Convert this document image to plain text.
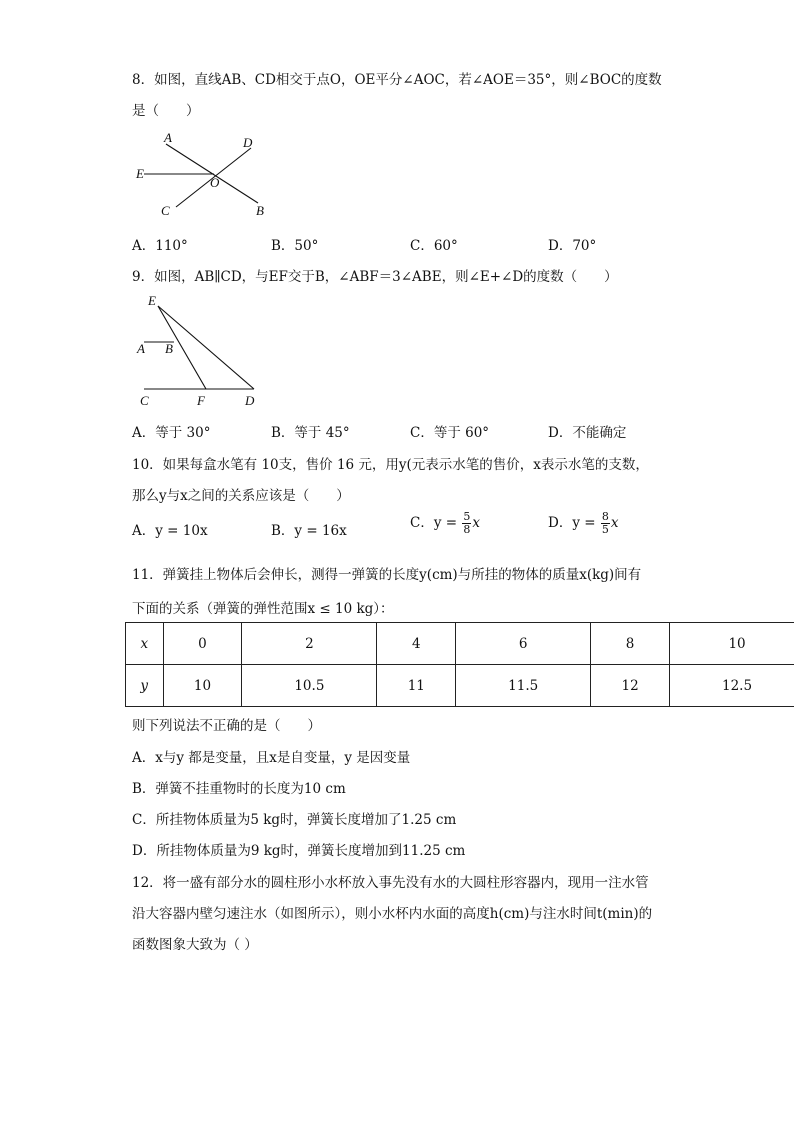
8．如图，直线AB、CD相交于点O，OE平分∠AOC，若∠AOE＝35°，则∠BOC的度数
是（　　）
A	D
E
O
C	B
A．110°	B．50°	C．60°	D．70°
9．如图，AB∥CD，与EF交于B，∠ABF＝3∠ABE，则∠E+∠D的度数（　　）
E
A B
C	F	D
A．等于 30°	B．等于 45°	C．等于 60°	D．不能确定
10．如果每盒水笔有 10支，售价 16 元，用y(元表示水笔的售价，x表示水笔的支数，
那么y与x之间的关系应该是（　　）
A．y = 10x	B．y = 16x	C．$y = \frac{5}{8}$ x	D．$y = \frac{8}{5}$ x
11．弹簧挂上物体后会伸长，测得一弹簧的长度y(cm)与所挂的物体的质量x(kg)间有
下面的关系（弹簧的弹性范围x ≤ 10 kg）：
x	0	2	4	6	8	10
y	10	10.5	11	11.5	12	12.5
则下列说法不正确的是（　　）
A．x与y 都是变量，且x是自变量，y 是因变量
B．弹簧不挂重物时的长度为10 cm
C．所挂物体质量为5 kg时，弹簧长度增加了1.25 cm
D．所挂物体质量为9 kg时，弹簧长度增加到11.25 cm
12．将一盛有部分水的圆柱形小水杯放入事先没有水的大圆柱形容器内，现用一注水管
沿大容器内壁匀速注水（如图所示），则小水杯内水面的高度h(cm)与注水时间t(min)的
函数图象大致为（ ）
